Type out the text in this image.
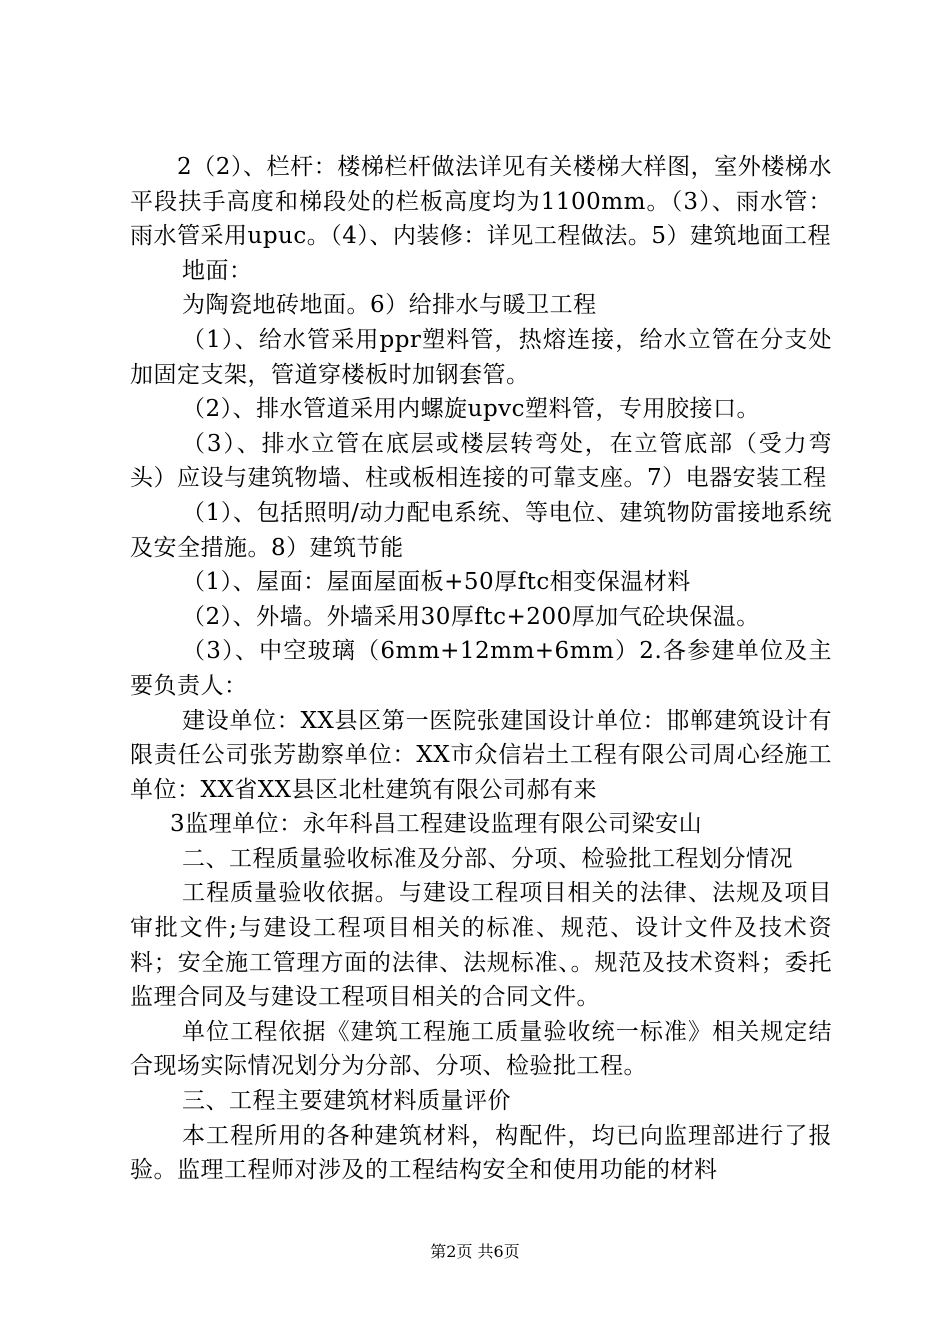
2（2）、栏杆：楼梯栏杆做法详见有关楼梯大样图，室外楼梯水平段扶手高度和梯段处的栏板高度均为1100mm。（3）、雨水管：雨水管采用upuc。（4）、内装修：详见工程做法。5）建筑地面工程

地面：

为陶瓷地砖地面。6）给排水与暖卫工程

（1）、给水管采用ppr塑料管，热熔连接，给水立管在分支处加固定支架，管道穿楼板时加钢套管。

（2）、排水管道采用内螺旋upvc塑料管，专用胶接口。

（3）、排水立管在底层或楼层转弯处，在立管底部（受力弯头）应设与建筑物墙、柱或板相连接的可靠支座。7）电器安装工程

（1）、包括照明/动力配电系统、等电位、建筑物防雷接地系统及安全措施。8）建筑节能

（1）、屋面：屋面屋面板+50厚ftc相变保温材料

（2）、外墙。外墙采用30厚ftc+200厚加气砼块保温。

（3）、中空玻璃（6mm+12mm+6mm）2.各参建单位及主要负责人：

建设单位：XX县区第一医院张建国设计单位：邯郸建筑设计有限责任公司张芳勘察单位：XX市众信岩土工程有限公司周心经施工单位：XX省XX县区北杜建筑有限公司郝有来

3监理单位：永年科昌工程建设监理有限公司梁安山

二、工程质量验收标准及分部、分项、检验批工程划分情况

工程质量验收依据。与建设工程项目相关的法律、法规及项目审批文件;与建设工程项目相关的标准、规范、设计文件及技术资料；安全施工管理方面的法律、法规标准、。规范及技术资料；委托监理合同及与建设工程项目相关的合同文件。

单位工程依据《建筑工程施工质量验收统一标准》相关规定结合现场实际情况划分为分部、分项、检验批工程。

三、工程主要建筑材料质量评价

本工程所用的各种建筑材料，构配件，均已向监理部进行了报验。监理工程师对涉及的工程结构安全和使用功能的材料

第2页 共6页
